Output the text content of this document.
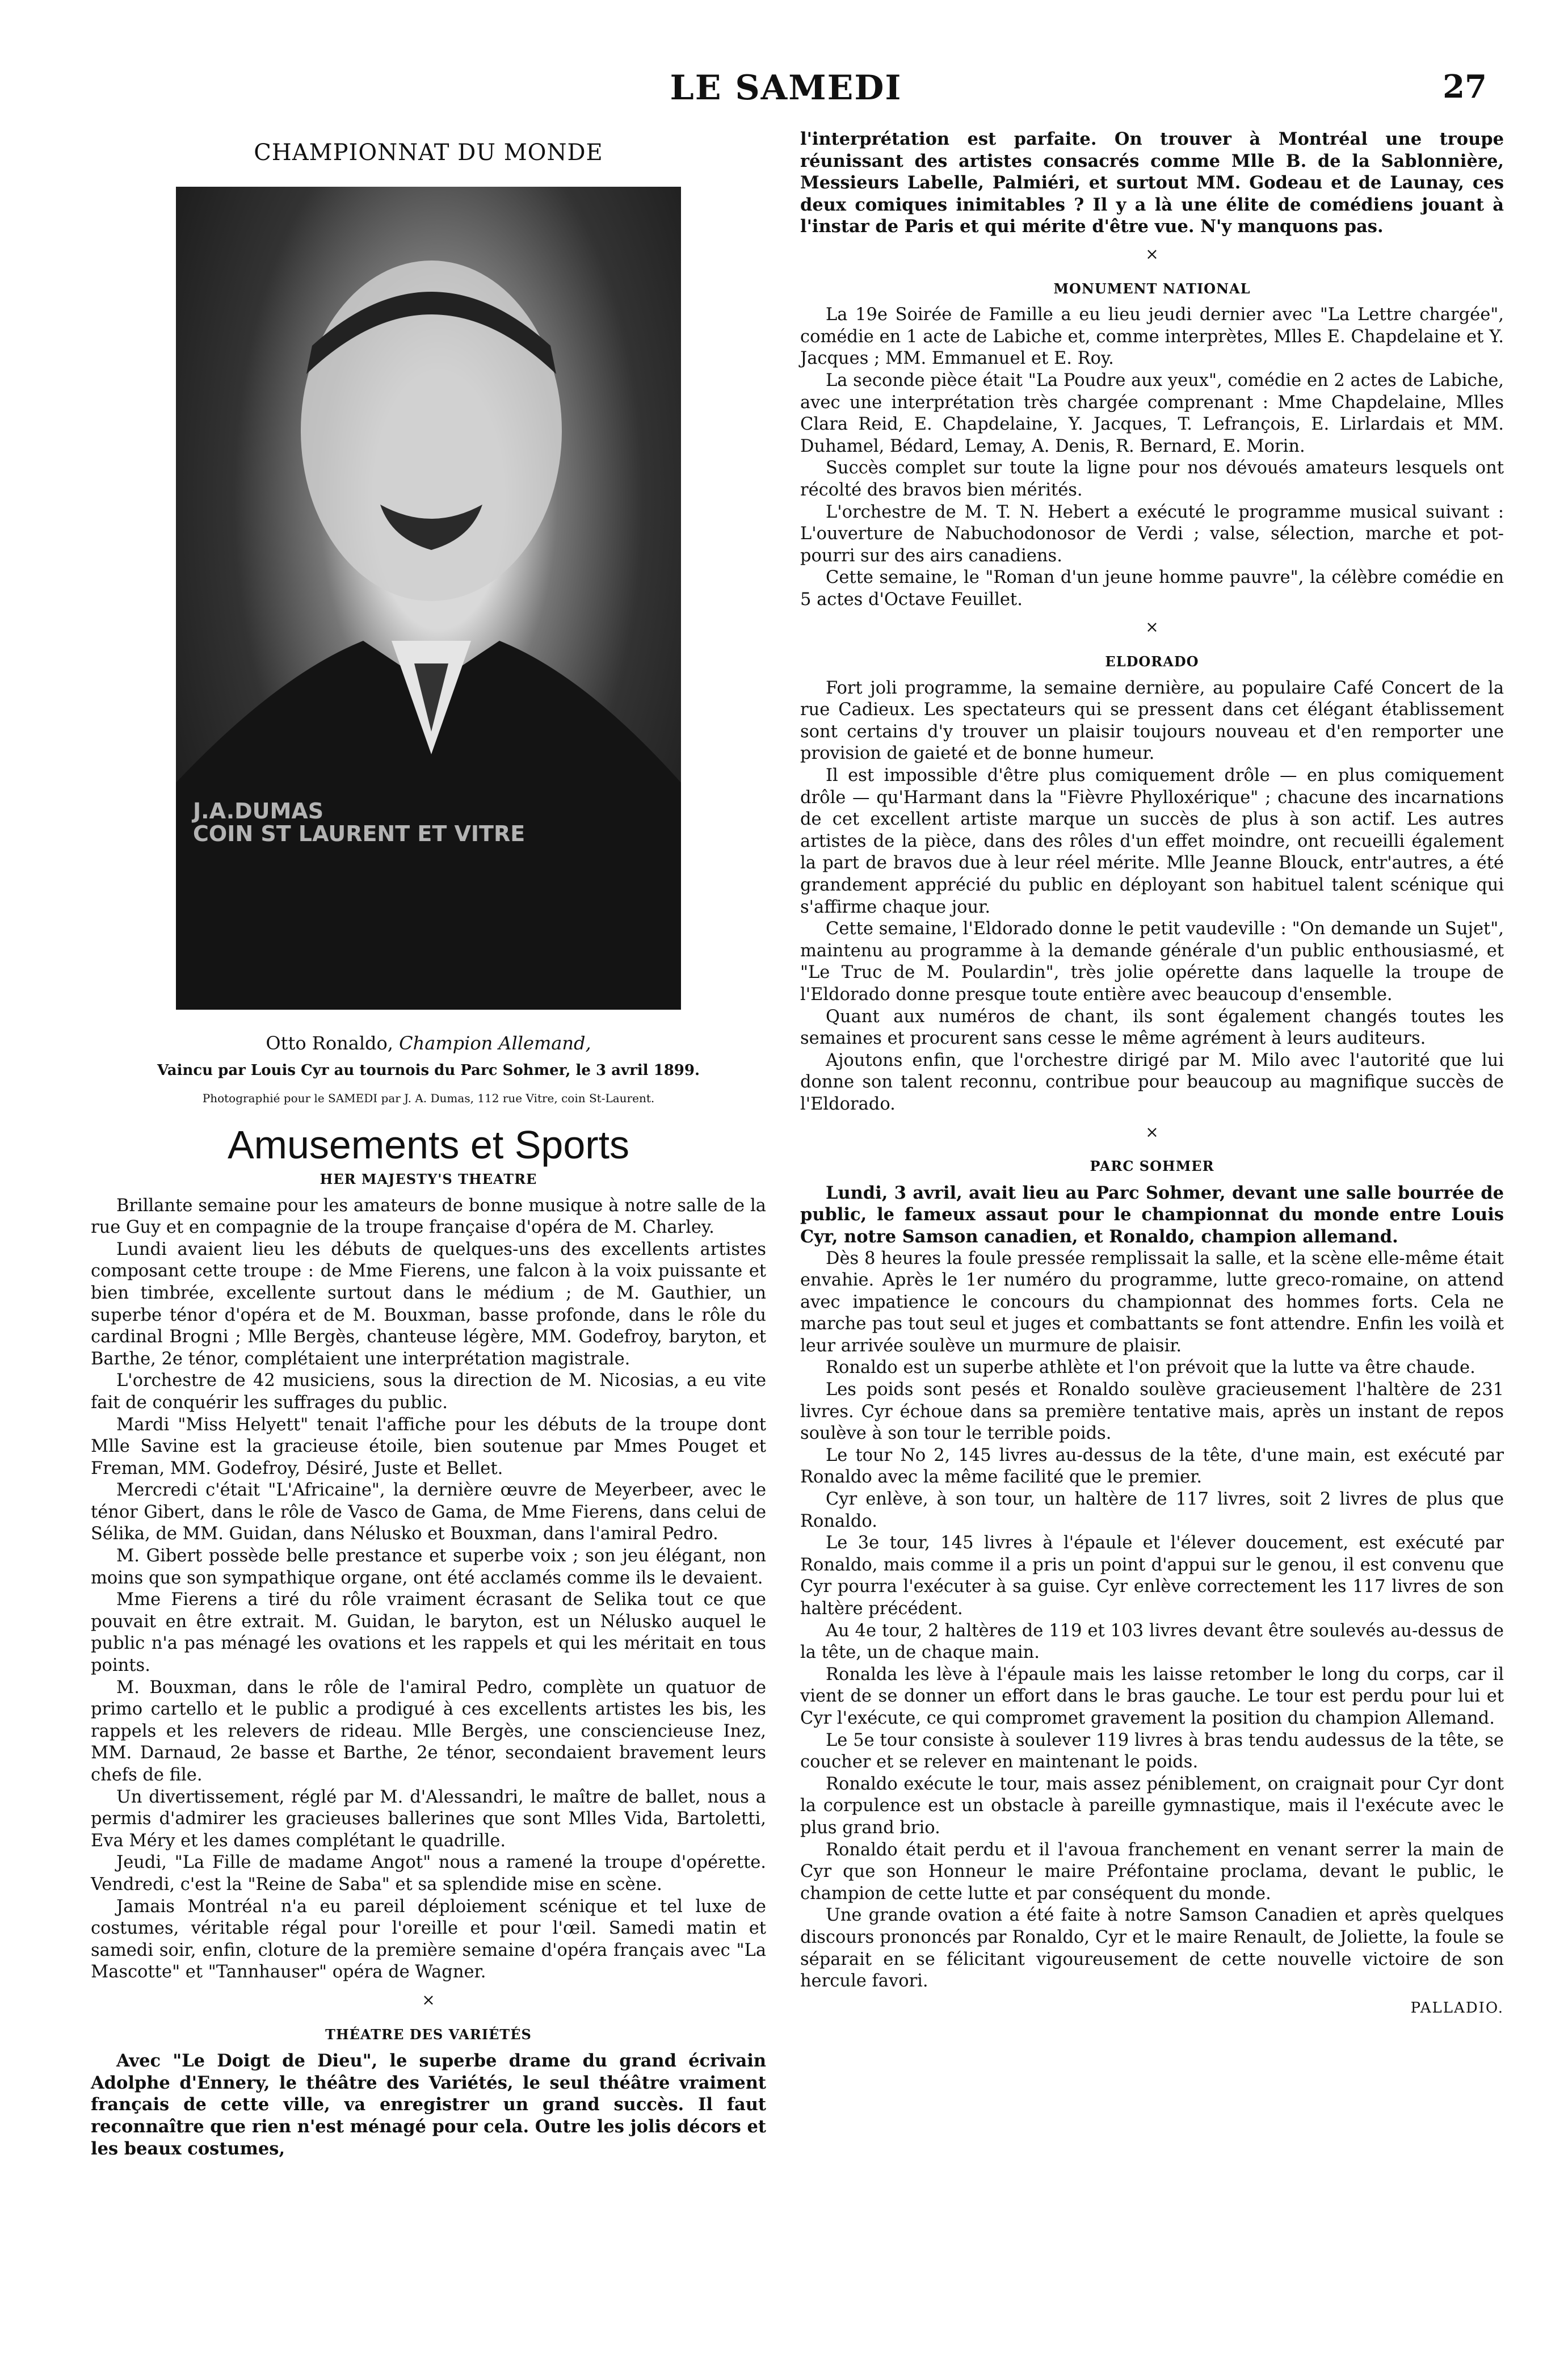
LE SAMEDI	27
CHAMPIONNAT DU MONDE
J.A.DUMAS
COIN ST LAURENT ET VITRE
Otto Ronaldo, Champion Allemand,
Vaincu par Louis Cyr au tournois du Parc Sohmer, le 3 avril 1899.
Photographié pour le SAMEDI par J. A. Dumas, 112 rue Vitre, coin St-Laurent.
Amusements et Sports
HER MAJESTY'S THEATRE

Brillante semaine pour les amateurs de bonne musique à notre salle de la rue Guy et en compagnie de la troupe française d'opéra de M. Charley.

Lundi avaient lieu les débuts de quelques-uns des excellents artistes composant cette troupe : de Mme Fierens, une falcon à la voix puissante et bien timbrée, excellente surtout dans le médium ; de M. Gauthier, un superbe ténor d'opéra et de M. Bouxman, basse profonde, dans le rôle du cardinal Brogni ; Mlle Bergès, chanteuse légère, MM. Godefroy, baryton, et Barthe, 2e ténor, complétaient une interprétation magistrale.

L'orchestre de 42 musiciens, sous la direction de M. Nicosias, a eu vite fait de conquérir les suffrages du public.

Mardi "Miss Helyett" tenait l'affiche pour les débuts de la troupe dont Mlle Savine est la gracieuse étoile, bien soutenue par Mmes Pouget et Freman, MM. Godefroy, Désiré, Juste et Bellet.

Mercredi c'était "L'Africaine", la dernière œuvre de Meyerbeer, avec le ténor Gibert, dans le rôle de Vasco de Gama, de Mme Fierens, dans celui de Sélika, de MM. Guidan, dans Nélusko et Bouxman, dans l'amiral Pedro.

M. Gibert possède belle prestance et superbe voix ; son jeu élégant, non moins que son sympathique organe, ont été acclamés comme ils le devaient.

Mme Fierens a tiré du rôle vraiment écrasant de Selika tout ce que pouvait en être extrait. M. Guidan, le baryton, est un Nélusko auquel le public n'a pas ménagé les ovations et les rappels et qui les méritait en tous points.

M. Bouxman, dans le rôle de l'amiral Pedro, complète un quatuor de primo cartello et le public a prodigué à ces excellents artistes les bis, les rappels et les relevers de rideau. Mlle Bergès, une consciencieuse Inez, MM. Darnaud, 2e basse et Barthe, 2e ténor, secondaient bravement leurs chefs de file.

Un divertissement, réglé par M. d'Alessandri, le maître de ballet, nous a permis d'admirer les gracieuses ballerines que sont Mlles Vida, Bartoletti, Eva Méry et les dames complétant le quadrille.

Jeudi, "La Fille de madame Angot" nous a ramené la troupe d'opérette. Vendredi, c'est la "Reine de Saba" et sa splendide mise en scène.

Jamais Montréal n'a eu pareil déploiement scénique et tel luxe de costumes, véritable régal pour l'oreille et pour l'œil. Samedi matin et samedi soir, enfin, cloture de la première semaine d'opéra français avec "La Mascotte" et "Tannhauser" opéra de Wagner.

×
THÉATRE DES VARIÉTÉS

Avec "Le Doigt de Dieu", le superbe drame du grand écrivain Adolphe d'Ennery, le théâtre des Variétés, le seul théâtre vraiment français de cette ville, va enregistrer un grand succès. Il faut reconnaître que rien n'est ménagé pour cela. Outre les jolis décors et les beaux costumes,

l'interprétation est parfaite. On trouver à Montréal une troupe réunissant des artistes consacrés comme Mlle B. de la Sablonnière, Messieurs Labelle, Palmiéri, et surtout MM. Godeau et de Launay, ces deux comiques inimitables ? Il y a là une élite de comédiens jouant à l'instar de Paris et qui mérite d'être vue. N'y manquons pas.

×
MONUMENT NATIONAL

La 19e Soirée de Famille a eu lieu jeudi dernier avec "La Lettre chargée", comédie en 1 acte de Labiche et, comme interprètes, Mlles E. Chapdelaine et Y. Jacques ; MM. Emmanuel et E. Roy.

La seconde pièce était "La Poudre aux yeux", comédie en 2 actes de Labiche, avec une interprétation très chargée comprenant : Mme Chapdelaine, Mlles Clara Reid, E. Chapdelaine, Y. Jacques, T. Lefrançois, E. Lirlardais et MM. Duhamel, Bédard, Lemay, A. Denis, R. Bernard, E. Morin.

Succès complet sur toute la ligne pour nos dévoués amateurs lesquels ont récolté des bravos bien mérités.

L'orchestre de M. T. N. Hebert a exécuté le programme musical suivant : L'ouverture de Nabuchodonosor de Verdi ; valse, sélection, marche et pot-pourri sur des airs canadiens.

Cette semaine, le "Roman d'un jeune homme pauvre", la célèbre comédie en 5 actes d'Octave Feuillet.

×
ELDORADO

Fort joli programme, la semaine dernière, au populaire Café Concert de la rue Cadieux. Les spectateurs qui se pressent dans cet élégant établissement sont certains d'y trouver un plaisir toujours nouveau et d'en remporter une provision de gaieté et de bonne humeur.

Il est impossible d'être plus comiquement drôle — en plus comiquement drôle — qu'Harmant dans la "Fièvre Phylloxérique" ; chacune des incarnations de cet excellent artiste marque un succès de plus à son actif. Les autres artistes de la pièce, dans des rôles d'un effet moindre, ont recueilli également la part de bravos due à leur réel mérite. Mlle Jeanne Blouck, entr'autres, a été grandement apprécié du public en déployant son habituel talent scénique qui s'affirme chaque jour.

Cette semaine, l'Eldorado donne le petit vaudeville : "On demande un Sujet", maintenu au programme à la demande générale d'un public enthousiasmé, et "Le Truc de M. Poulardin", très jolie opérette dans laquelle la troupe de l'Eldorado donne presque toute entière avec beaucoup d'ensemble.

Quant aux numéros de chant, ils sont également changés toutes les semaines et procurent sans cesse le même agrément à leurs auditeurs.

Ajoutons enfin, que l'orchestre dirigé par M. Milo avec l'autorité que lui donne son talent reconnu, contribue pour beaucoup au magnifique succès de l'Eldorado.

×
PARC SOHMER

Lundi, 3 avril, avait lieu au Parc Sohmer, devant une salle bourrée de public, le fameux assaut pour le championnat du monde entre Louis Cyr, notre Samson canadien, et Ronaldo, champion allemand.

Dès 8 heures la foule pressée remplissait la salle, et la scène elle-même était envahie. Après le 1er numéro du programme, lutte greco-romaine, on attend avec impatience le concours du championnat des hommes forts. Cela ne marche pas tout seul et juges et combattants se font attendre. Enfin les voilà et leur arrivée soulève un murmure de plaisir.

Ronaldo est un superbe athlète et l'on prévoit que la lutte va être chaude.

Les poids sont pesés et Ronaldo soulève gracieusement l'haltère de 231 livres. Cyr échoue dans sa première tentative mais, après un instant de repos soulève à son tour le terrible poids.

Le tour No 2, 145 livres au-dessus de la tête, d'une main, est exécuté par Ronaldo avec la même facilité que le premier.

Cyr enlève, à son tour, un haltère de 117 livres, soit 2 livres de plus que Ronaldo.

Le 3e tour, 145 livres à l'épaule et l'élever doucement, est exécuté par Ronaldo, mais comme il a pris un point d'appui sur le genou, il est convenu que Cyr pourra l'exécuter à sa guise. Cyr enlève correctement les 117 livres de son haltère précédent.

Au 4e tour, 2 haltères de 119 et 103 livres devant être soulevés au-dessus de la tête, un de chaque main.

Ronalda les lève à l'épaule mais les laisse retomber le long du corps, car il vient de se donner un effort dans le bras gauche. Le tour est perdu pour lui et Cyr l'exécute, ce qui compromet gravement la position du champion Allemand.

Le 5e tour consiste à soulever 119 livres à bras tendu audessus de la tête, se coucher et se relever en maintenant le poids.

Ronaldo exécute le tour, mais assez péniblement, on craignait pour Cyr dont la corpulence est un obstacle à pareille gymnastique, mais il l'exécute avec le plus grand brio.

Ronaldo était perdu et il l'avoua franchement en venant serrer la main de Cyr que son Honneur le maire Préfontaine proclama, devant le public, le champion de cette lutte et par conséquent du monde.

Une grande ovation a été faite à notre Samson Canadien et après quelques discours prononcés par Ronaldo, Cyr et le maire Renault, de Joliette, la foule se séparait en se félicitant vigoureusement de cette nouvelle victoire de son hercule favori.

PALLADIO.
